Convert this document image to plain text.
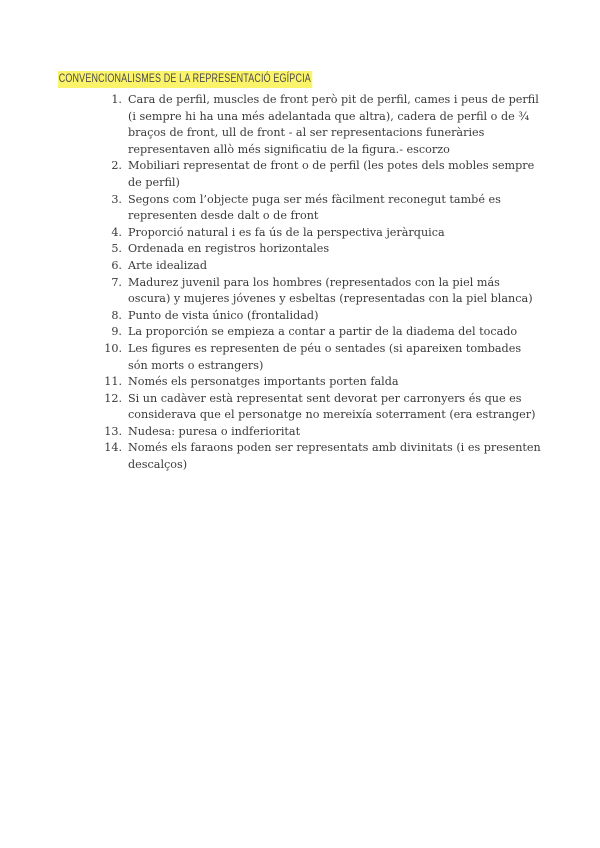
CONVENCIONALISMES DE LA REPRESENTACIÓ EGÍPCIA
1. Cara de perfil, muscles de front però pit de perfil, cames i peus de perfil (i sempre hi ha una més adelantada que altra), cadera de perfil o de ¾ braços de front, ull de front - al ser representacions funeràries representaven allò més significatiu de la figura.- escorzo
2. Mobiliari representat de front o de perfil (les potes dels mobles sempre de perfil)
3. Segons com l’objecte puga ser més fàcilment reconegut també es representen desde dalt o de front
4. Proporció natural i es fa ús de la perspectiva jeràrquica
5. Ordenada en registros horizontales
6. Arte idealizad
7. Madurez juvenil para los hombres (representados con la piel más oscura) y mujeres jóvenes y esbeltas (representadas con la piel blanca)
8. Punto de vista único (frontalidad)
9. La proporción se empieza a contar a partir de la diadema del tocado
10. Les figures es representen de péu o sentades (si apareixen tombades són morts o estrangers)
11. Només els personatges importants porten falda
12. Si un cadàver està representat sent devorat per carronyers és que es considerava que el personatge no mereixía soterrament (era estranger)
13. Nudesa: puresa o indferioritat
14. Només els faraons poden ser representats amb divinitats (i es presenten descalços)
